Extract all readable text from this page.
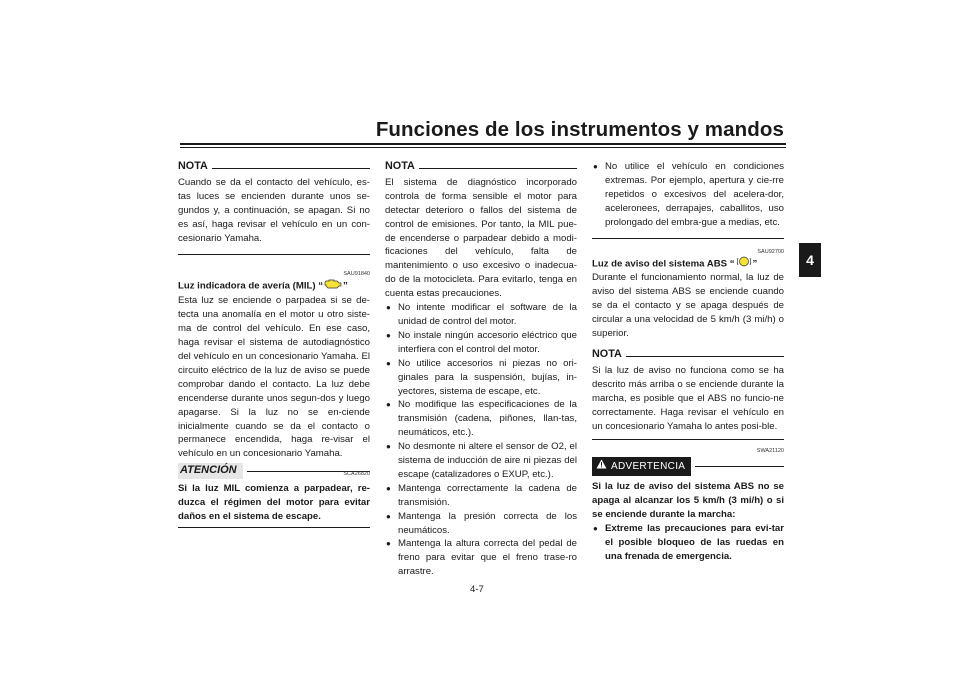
Funciones de los instrumentos y mandos
4
NOTA

Cuando se da el contacto del vehículo, es-tas luces se encienden durante unos se-gundos y, a continuación, se apagan. Si no es así, haga revisar el vehículo en un con-cesionario Yamaha.

SAU91840
Luz indicadora de avería (MIL) “ ”

Esta luz se enciende o parpadea si se de-tecta una anomalía en el motor u otro siste-ma de control del vehículo. En ese caso, haga revisar el sistema de autodiagnóstico del vehículo en un concesionario Yamaha. El circuito eléctrico de la luz de aviso se puede comprobar dando el contacto. La luz debe encenderse durante unos segun-dos y luego apagarse. Si la luz no se en-ciende inicialmente cuando se da el contacto o permanece encendida, haga re-visar el vehículo en un concesionario Yamaha.

ATENCIÓN	SCA26820

Si la luz MIL comienza a parpadear, re-duzca el régimen del motor para evitar daños en el sistema de escape.

NOTA

El sistema de diagnóstico incorporado controla de forma sensible el motor para detectar deterioro o fallos del sistema de control de emisiones. Por tanto, la MIL pue-de encenderse o parpadear debido a modi-ficaciones del vehículo, falta de mantenimiento o uso excesivo o inadecua-do de la motocicleta. Para evitarlo, tenga en cuenta estas precauciones.

● No intente modificar el software de la unidad de control del motor.
● No instale ningún accesorio eléctrico que interfiera con el control del motor.
● No utilice accesorios ni piezas no ori-ginales para la suspensión, bujías, in-yectores, sistema de escape, etc.
● No modifique las especificaciones de la transmisión (cadena, piñones, llan-tas, neumáticos, etc.).
● No desmonte ni altere el sensor de O2, el sistema de inducción de aire ni piezas del escape (catalizadores o EXUP, etc.).
● Mantenga correctamente la cadena de transmisión.
● Mantenga la presión correcta de los neumáticos.
● Mantenga la altura correcta del pedal de freno para evitar que el freno trase-ro arrastre.
● No utilice el vehículo en condiciones extremas. Por ejemplo, apertura y cie-rre repetidos o excesivos del acelera-dor, aceleronees, derrapajes, caballitos, uso prolongado del embra-gue a medias, etc.
SAU92700
Luz de aviso del sistema ABS “ ”

Durante el funcionamiento normal, la luz de aviso del sistema ABS se enciende cuando se da el contacto y se apaga después de circular a una velocidad de 5 km/h (3 mi/h) o superior.

NOTA

Si la luz de aviso no funciona como se ha descrito más arriba o se enciende durante la marcha, es posible que el ABS no funcio-ne correctamente. Haga revisar el vehículo en un concesionario Yamaha lo antes posi-ble.

SWA21120
ADVERTENCIA

Si la luz de aviso del sistema ABS no se apaga al alcanzar los 5 km/h (3 mi/h) o si se enciende durante la marcha:

● Extreme las precauciones para evi-tar el posible bloqueo de las ruedas en una frenada de emergencia.
4-7
